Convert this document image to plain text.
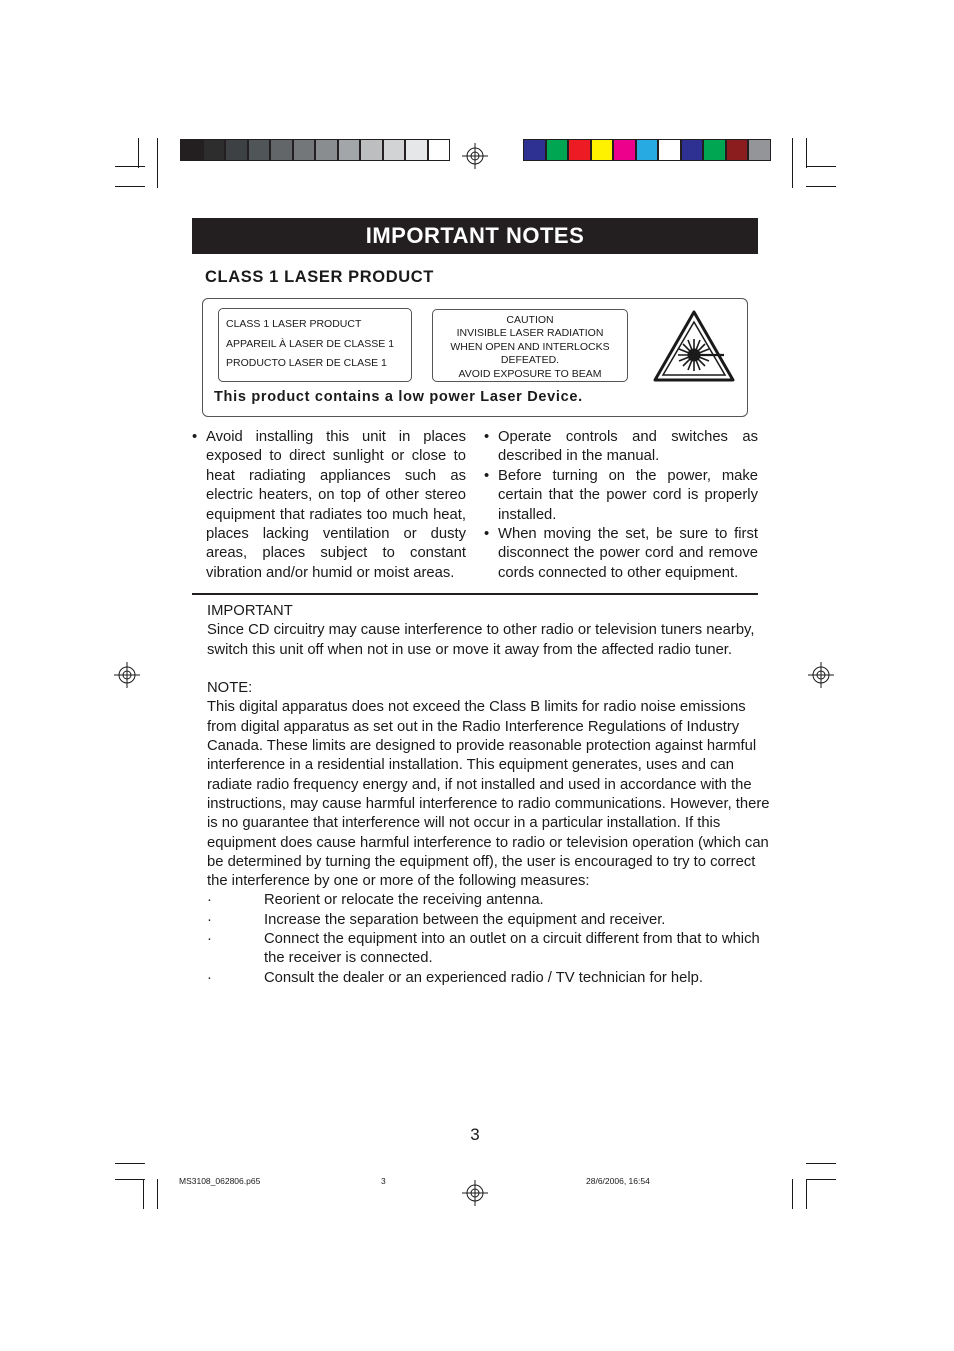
IMPORTANT NOTES
CLASS 1 LASER PRODUCT
CLASS 1 LASER PRODUCT
APPAREIL À LASER DE CLASSE 1
PRODUCTO LASER DE CLASE 1
CAUTION
INVISIBLE LASER RADIATION
WHEN OPEN AND INTERLOCKS
DEFEATED.
AVOID EXPOSURE TO BEAM
This product contains a low power Laser Device.
• Avoid installing this unit in places exposed to direct sunlight or close to heat radiating appliances such as electric heaters, on top of other stereo equipment that radiates too much heat, places lacking ventilation or dusty areas, places subject to constant vibration and/or humid or moist areas.
• Operate controls and switches as described in the manual.
• Before turning on the power, make certain that the power cord is properly installed.
• When moving the set, be sure to first disconnect the power cord and remove cords connected to other equipment.

IMPORTANT

Since CD circuitry may cause interference to other radio or television tuners nearby, switch this unit off when not in use or move it away from the affected radio tuner.

NOTE:

This digital apparatus does not exceed the Class B limits for radio noise emissions from digital apparatus as set out in the Radio Interference Regulations of Industry Canada. These limits are designed to provide reasonable protection against harmful interference in a residential installation. This equipment generates, uses and can radiate radio frequency energy and, if not installed and used in accordance with the instructions, may cause harmful interference to radio communications. However, there is no guarantee that interference will not occur in a particular installation. If this equipment does cause harmful interference to radio or television operation (which can be determined by turning the equipment off), the user is encouraged to try to correct the interference by one or more of the following measures:

·	Reorient or relocate the receiving antenna.
·	Increase the separation between the equipment and receiver.
·	Connect the equipment into an outlet on a circuit different from that to which the receiver is connected.
·	Consult the dealer or an experienced radio / TV technician for help.
3
MS3108_062806.p65	3	28/6/2006, 16:54
